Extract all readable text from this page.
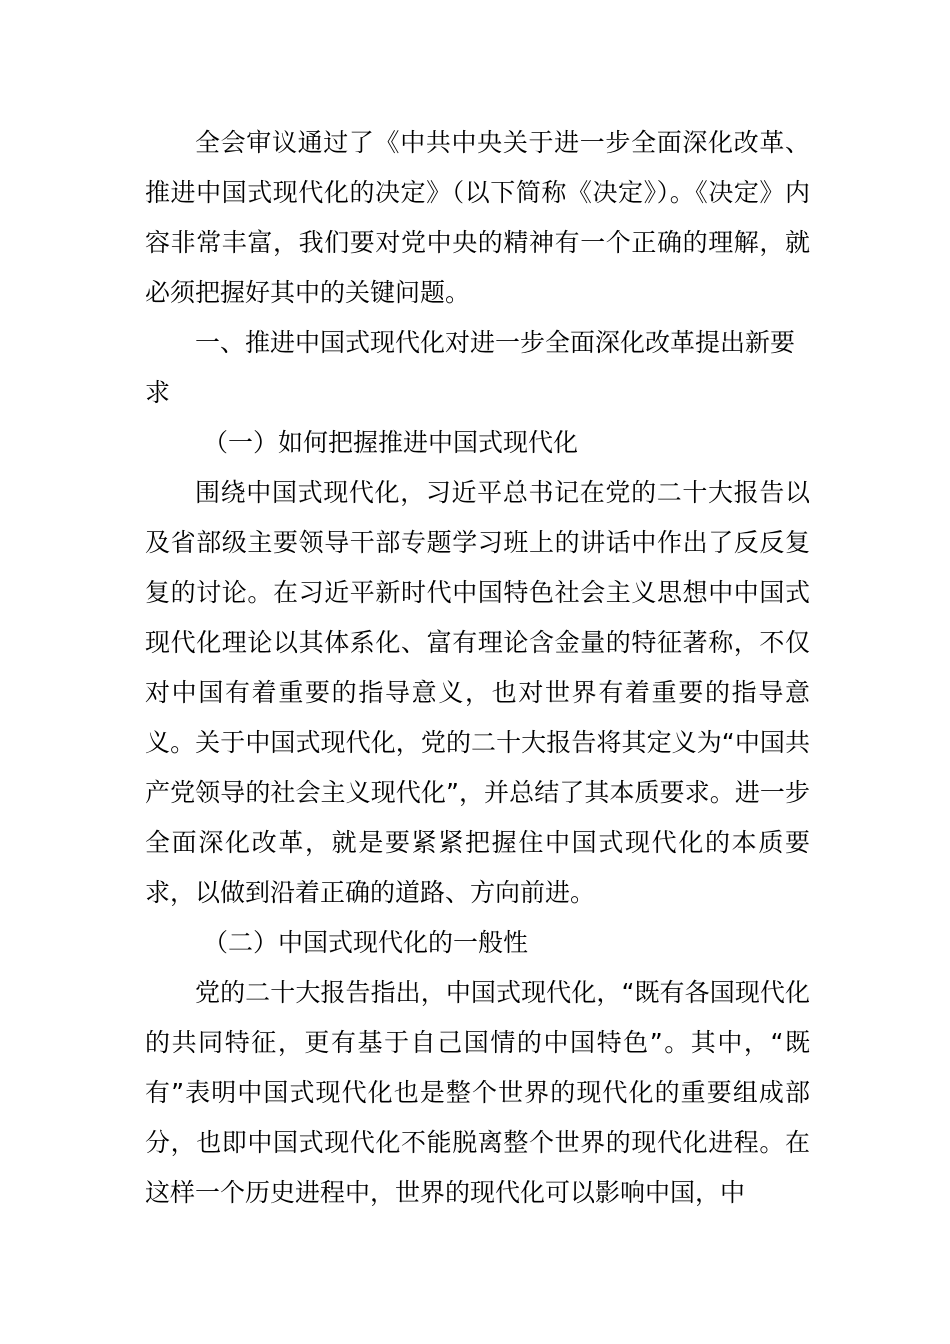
全会审议通过了《中共中央关于进一步全面深化改革、推进中国式现代化的决定》（以下简称《决定》）。《决定》内容非常丰富，我们要对党中央的精神有一个正确的理解，就必须把握好其中的关键问题。

一、推进中国式现代化对进一步全面深化改革提出新要求

（一）如何把握推进中国式现代化

围绕中国式现代化，习近平总书记在党的二十大报告以及省部级主要领导干部专题学习班上的讲话中作出了反反复复的讨论。在习近平新时代中国特色社会主义思想中中国式现代化理论以其体系化、富有理论含金量的特征著称，不仅对中国有着重要的指导意义，也对世界有着重要的指导意义。关于中国式现代化，党的二十大报告将其定义为“中国共产党领导的社会主义现代化”，并总结了其本质要求。进一步全面深化改革，就是要紧紧把握住中国式现代化的本质要求，以做到沿着正确的道路、方向前进。

（二）中国式现代化的一般性

党的二十大报告指出，中国式现代化，“既有各国现代化的共同特征，更有基于自己国情的中国特色”。其中，“既有”表明中国式现代化也是整个世界的现代化的重要组成部分，也即中国式现代化不能脱离整个世界的现代化进程。在这样一个历史进程中，世界的现代化可以影响中国，中
